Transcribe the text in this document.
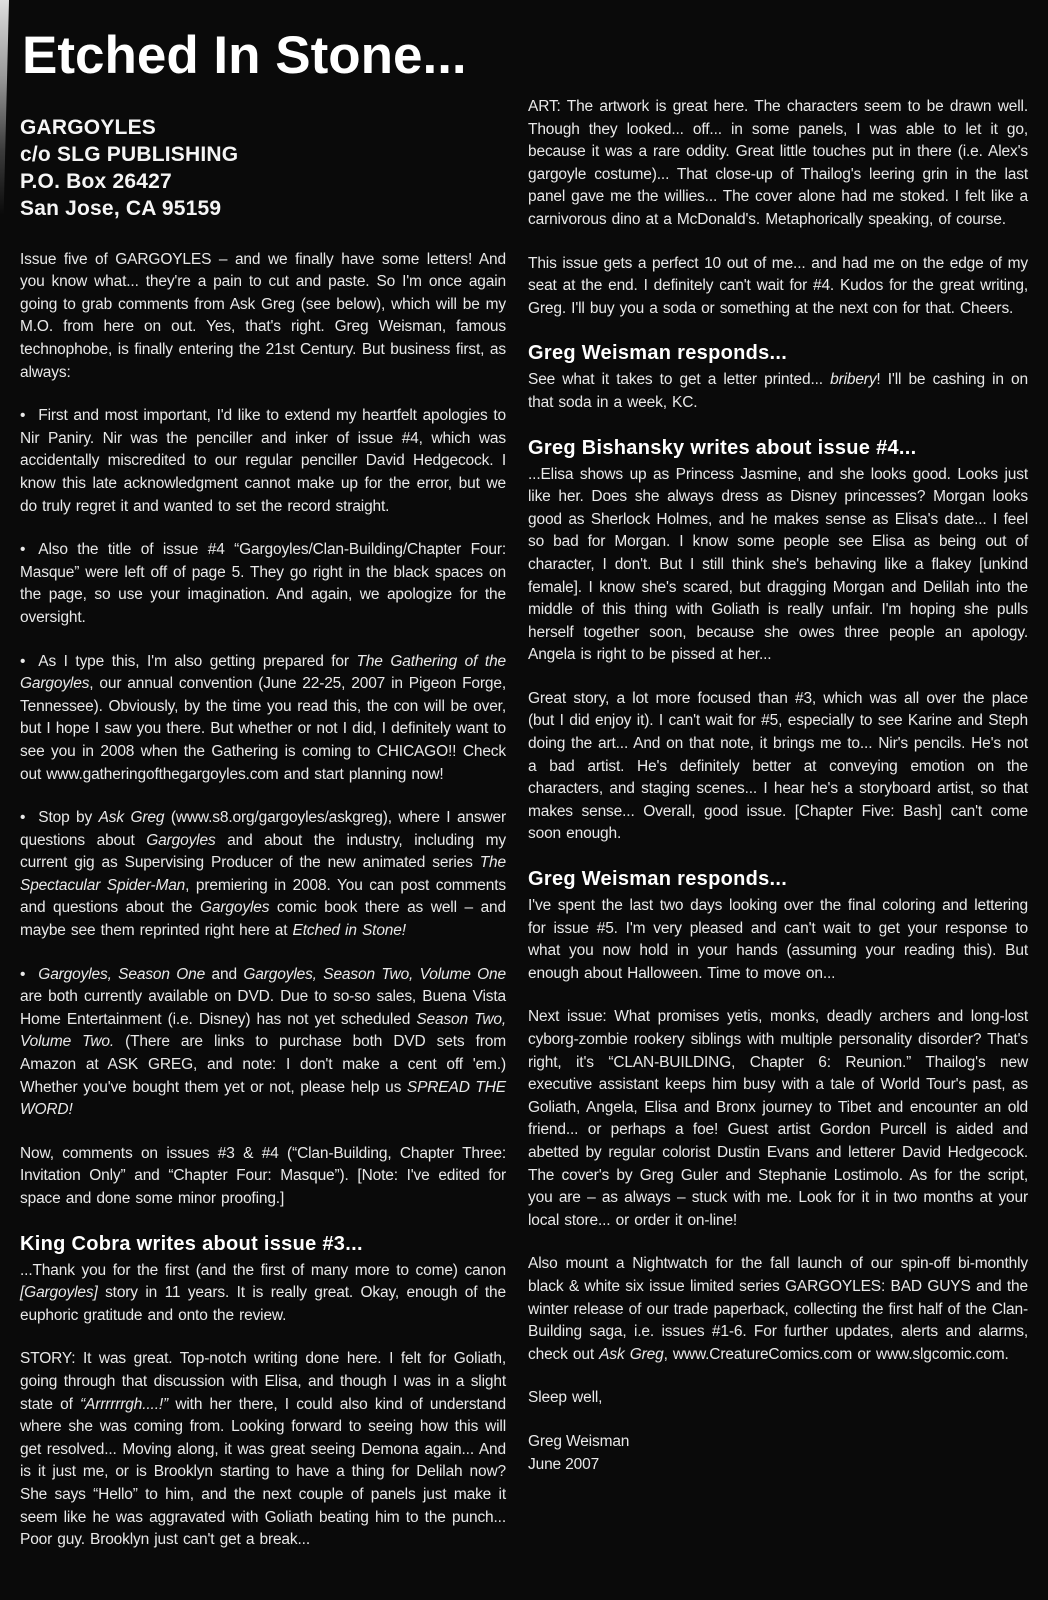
Etched In Stone...
GARGOYLES
c/o SLG PUBLISHING
P.O. Box 26427
San Jose, CA 95159

Issue five of GARGOYLES – and we finally have some letters! And you know what... they're a pain to cut and paste. So I'm once again going to grab comments from Ask Greg (see below), which will be my M.O. from here on out. Yes, that's right. Greg Weisman, famous technophobe, is finally entering the 21st Century. But business first, as always:

• First and most important, I'd like to extend my heartfelt apologies to Nir Paniry. Nir was the penciller and inker of issue #4, which was accidentally miscredited to our regular penciller David Hedgecock. I know this late acknowledgment cannot make up for the error, but we do truly regret it and wanted to set the record straight.

• Also the title of issue #4 “Gargoyles/Clan-Building/Chapter Four: Masque” were left off of page 5. They go right in the black spaces on the page, so use your imagination. And again, we apologize for the oversight.

• As I type this, I'm also getting prepared for The Gathering of the Gargoyles, our annual convention (June 22-25, 2007 in Pigeon Forge, Tennessee). Obviously, by the time you read this, the con will be over, but I hope I saw you there. But whether or not I did, I definitely want to see you in 2008 when the Gathering is coming to CHICAGO!! Check out www.gatheringofthegargoyles.com and start planning now!

• Stop by Ask Greg (www.s8.org/gargoyles/askgreg), where I answer questions about Gargoyles and about the industry, including my current gig as Supervising Producer of the new animated series The Spectacular Spider-Man, premiering in 2008. You can post comments and questions about the Gargoyles comic book there as well – and maybe see them reprinted right here at Etched in Stone!

• Gargoyles, Season One and Gargoyles, Season Two, Volume One are both currently available on DVD. Due to so-so sales, Buena Vista Home Entertainment (i.e. Disney) has not yet scheduled Season Two, Volume Two. (There are links to purchase both DVD sets from Amazon at ASK GREG, and note: I don't make a cent off 'em.) Whether you've bought them yet or not, please help us SPREAD THE WORD!

Now, comments on issues #3 & #4 (“Clan-Building, Chapter Three: Invitation Only” and “Chapter Four: Masque”). [Note: I've edited for space and done some minor proofing.]

King Cobra writes about issue #3...

...Thank you for the first (and the first of many more to come) canon [Gargoyles] story in 11 years. It is really great. Okay, enough of the euphoric gratitude and onto the review.

STORY: It was great. Top-notch writing done here. I felt for Goliath, going through that discussion with Elisa, and though I was in a slight state of “Arrrrrrgh....!” with her there, I could also kind of understand where she was coming from. Looking forward to seeing how this will get resolved... Moving along, it was great seeing Demona again... And is it just me, or is Brooklyn starting to have a thing for Delilah now? She says “Hello” to him, and the next couple of panels just make it seem like he was aggravated with Goliath beating him to the punch... Poor guy. Brooklyn just can't get a break...

ART: The artwork is great here. The characters seem to be drawn well. Though they looked... off... in some panels, I was able to let it go, because it was a rare oddity. Great little touches put in there (i.e. Alex's gargoyle costume)... That close-up of Thailog's leering grin in the last panel gave me the willies... The cover alone had me stoked. I felt like a carnivorous dino at a McDonald's. Metaphorically speaking, of course.

This issue gets a perfect 10 out of me... and had me on the edge of my seat at the end. I definitely can't wait for #4. Kudos for the great writing, Greg. I'll buy you a soda or something at the next con for that. Cheers.

Greg Weisman responds...

See what it takes to get a letter printed... bribery! I'll be cashing in on that soda in a week, KC.

Greg Bishansky writes about issue #4...

...Elisa shows up as Princess Jasmine, and she looks good. Looks just like her. Does she always dress as Disney princesses? Morgan looks good as Sherlock Holmes, and he makes sense as Elisa's date... I feel so bad for Morgan. I know some people see Elisa as being out of character, I don't. But I still think she's behaving like a flakey [unkind female]. I know she's scared, but dragging Morgan and Delilah into the middle of this thing with Goliath is really unfair. I'm hoping she pulls herself together soon, because she owes three people an apology. Angela is right to be pissed at her...

Great story, a lot more focused than #3, which was all over the place (but I did enjoy it). I can't wait for #5, especially to see Karine and Steph doing the art... And on that note, it brings me to... Nir's pencils. He's not a bad artist. He's definitely better at conveying emotion on the characters, and staging scenes... I hear he's a storyboard artist, so that makes sense... Overall, good issue. [Chapter Five: Bash] can't come soon enough.

Greg Weisman responds...

I've spent the last two days looking over the final coloring and lettering for issue #5. I'm very pleased and can't wait to get your response to what you now hold in your hands (assuming your reading this). But enough about Halloween. Time to move on...

Next issue: What promises yetis, monks, deadly archers and long-lost cyborg-zombie rookery siblings with multiple personality disorder? That's right, it's “CLAN-BUILDING, Chapter 6: Reunion.” Thailog's new executive assistant keeps him busy with a tale of World Tour's past, as Goliath, Angela, Elisa and Bronx journey to Tibet and encounter an old friend... or perhaps a foe! Guest artist Gordon Purcell is aided and abetted by regular colorist Dustin Evans and letterer David Hedgecock. The cover's by Greg Guler and Stephanie Lostimolo. As for the script, you are – as always – stuck with me. Look for it in two months at your local store... or order it on-line!

Also mount a Nightwatch for the fall launch of our spin-off bi-monthly black & white six issue limited series GARGOYLES: BAD GUYS and the winter release of our trade paperback, collecting the first half of the Clan-Building saga, i.e. issues #1-6. For further updates, alerts and alarms, check out Ask Greg, www.CreatureComics.com or www.slgcomic.com.

Sleep well,

Greg Weisman
June 2007
